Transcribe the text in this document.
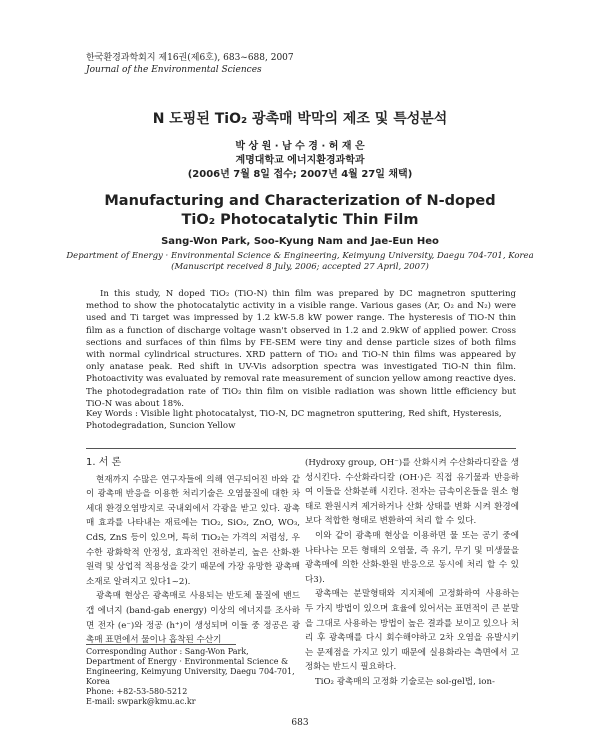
한국환경과학회지 제16권(제6호), 683~688, 2007
Journal of the Environmental Sciences
N 도핑된 TiO₂ 광촉매 박막의 제조 및 특성분석
박 상 원 · 남 수 경 · 허 재 은
계명대학교 에너지환경과학과
(2006년 7월 8일 접수; 2007년 4월 27일 채택)
Manufacturing and Characterization of N-doped
TiO₂ Photocatalytic Thin Film
Sang-Won Park, Soo-Kyung Nam and Jae-Eun Heo
Department of Energy · Environmental Science & Engineering, Keimyung University, Daegu 704-701, Korea
(Manuscript received 8 July, 2006; accepted 27 April, 2007)
In this study, N doped TiO₂ (TiO-N) thin film was prepared by DC magnetron sputtering method to show the photocatalytic activity in a visible range. Various gases (Ar, O₂ and N₂) were used and Ti target was impressed by 1.2 kW-5.8 kW power range. The hysteresis of TiO-N thin film as a function of discharge voltage wasn't observed in 1.2 and 2.9kW of applied power. Cross sections and surfaces of thin films by FE-SEM were tiny and dense particle sizes of both films with normal cylindrical structures. XRD pattern of TiO₂ and TiO-N thin films was appeared by only anatase peak. Red shift in UV-Vis adsorption spectra was investigated TiO-N thin film. Photoactivity was evaluated by removal rate measurement of suncion yellow among reactive dyes. The photodegradation rate of TiO₂ thin film on visible radiation was shown little efficiency but TiO-N was about 18%.
Key Words : Visible light photocatalyst, TiO-N, DC magnetron sputtering, Red shift, Hysteresis, Photodegradation, Suncion Yellow
1. 서 론

현재까지 수많은 연구자들에 의해 연구되어진 바와 같이 광촉매 반응을 이용한 처리기술은 오염물질에 대한 차세대 환경오염방지로 국내외에서 각광을 받고 있다. 광촉매 효과를 나타내는 재료에는 TiO₂, SiO₂, ZnO, WO₃, CdS, ZnS 등이 있으며, 특히 TiO₂는 가격의 저렴성, 우수한 광화학적 안정성, 효과적인 전하분리, 높은 산화-환원력 및 상업적 적용성을 갖기 때문에 가장 유망한 광촉매 소재로 알려지고 있다1~2).

광촉매 현상은 광촉매로 사용되는 반도체 물질에 밴드갭 에너지 (band-gab energy) 이상의 에너지를 조사하면 전자 (e⁻)와 정공 (h⁺)이 생성되며 이들 중 정공은 광촉매 표면에서 물이나 흡착된 수산기

(Hydroxy group, OH⁻)를 산화시켜 수산화라디칼을 생성시킨다. 수산화라디칼 (OH·)은 직접 유기물과 반응하여 이들을 산화분해 시킨다. 전자는 금속이온들을 원소 형태로 환원시켜 제거하거나 산화 상태를 변화 시켜 환경에 보다 적합한 형태로 변환하여 처리 할 수 있다.

이와 같이 광촉매 현상을 이용하면 물 또는 공기 중에 나타나는 모든 형태의 오염물, 즉 유기, 무기 및 미생물을 광촉매에 의한 산화-환원 반응으로 동시에 처리 할 수 있다3).

광촉매는 분말형태와 지지체에 고정화하여 사용하는 두 가지 방법이 있으며 효율에 있어서는 표면적이 큰 분말을 그대로 사용하는 방법이 높은 결과를 보이고 있으나 처리 후 광촉매를 다시 회수해야하고 2차 오염을 유발시키는 문제점을 가지고 있기 때문에 실용화라는 측면에서 고정화는 반드시 필요하다.

TiO₂ 광촉매의 고정화 기술로는 sol-gel법, ion-

Corresponding Author : Sang-Won Park, Department of Energy · Environmental Science & Engineering, Keimyung University, Daegu 704-701, Korea
Phone: +82-53-580-5212
E-mail: swpark@kmu.ac.kr
683
